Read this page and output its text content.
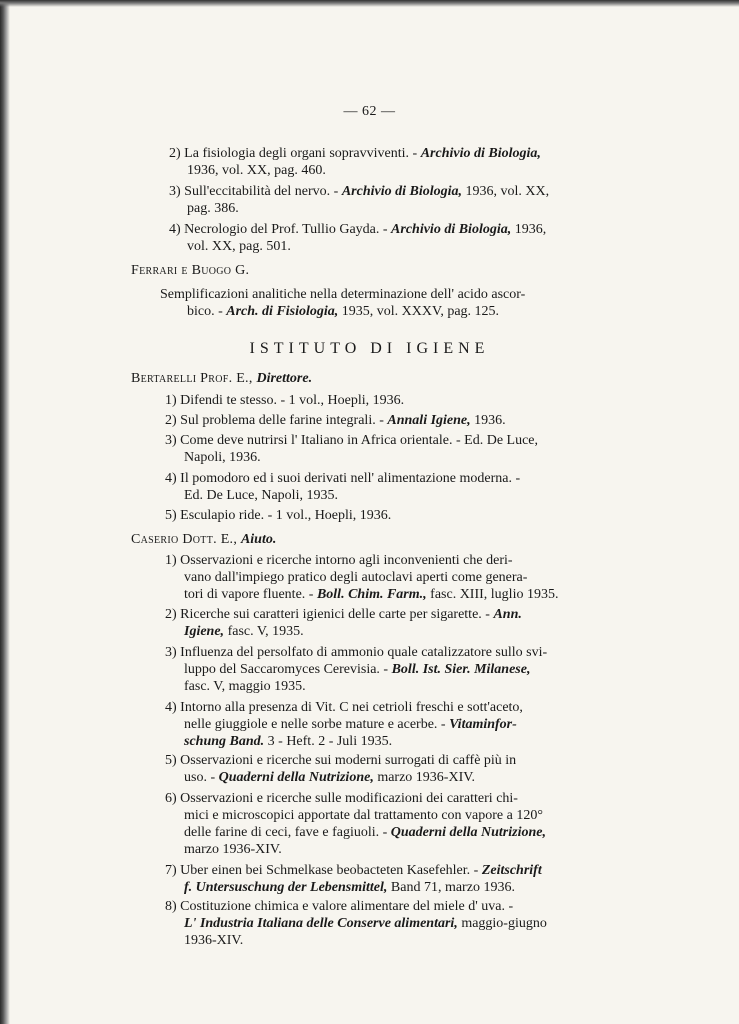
— 62 —
2) La fisiologia degli organi sopravviventi. - Archivio di Biologia,
1936, vol. XX, pag. 460.
3) Sull'eccitabilità del nervo. - Archivio di Biologia, 1936, vol. XX,
pag. 386.
4) Necrologio del Prof. Tullio Gayda. - Archivio di Biologia, 1936,
vol. XX, pag. 501.
Ferrari e Buogo G.
Semplificazioni analitiche nella determinazione dell' acido ascor-
bico. - Arch. di Fisiologia, 1935, vol. XXXV, pag. 125.
ISTITUTO DI IGIENE
Bertarelli Prof. E., Direttore.
1) Difendi te stesso. - 1 vol., Hoepli, 1936.
2) Sul problema delle farine integrali. - Annali Igiene, 1936.
3) Come deve nutrirsi l' Italiano in Africa orientale. - Ed. De Luce,
Napoli, 1936.
4) Il pomodoro ed i suoi derivati nell' alimentazione moderna. -
Ed. De Luce, Napoli, 1935.
5) Esculapio ride. - 1 vol., Hoepli, 1936.
Caserio Dott. E., Aiuto.
1) Osservazioni e ricerche intorno agli inconvenienti che deri-
vano dall'impiego pratico degli autoclavi aperti come genera-
tori di vapore fluente. - Boll. Chim. Farm., fasc. XIII, luglio 1935.
2) Ricerche sui caratteri igienici delle carte per sigarette. - Ann.
Igiene, fasc. V, 1935.
3) Influenza del persolfato di ammonio quale catalizzatore sullo svi-
luppo del Saccaromyces Cerevisia. - Boll. Ist. Sier. Milanese,
fasc. V, maggio 1935.
4) Intorno alla presenza di Vit. C nei cetrioli freschi e sott'aceto,
nelle giuggiole e nelle sorbe mature e acerbe. - Vitaminfor-
schung Band. 3 - Heft. 2 - Juli 1935.
5) Osservazioni e ricerche sui moderni surrogati di caffè più in
uso. - Quaderni della Nutrizione, marzo 1936-XIV.
6) Osservazioni e ricerche sulle modificazioni dei caratteri chi-
mici e microscopici apportate dal trattamento con vapore a 120°
delle farine di ceci, fave e fagiuoli. - Quaderni della Nutrizione,
marzo 1936-XIV.
7) Uber einen bei Schmelkase beobacteten Kasefehler. - Zeitschrift
f. Untersuschung der Lebensmittel, Band 71, marzo 1936.
8) Costituzione chimica e valore alimentare del miele d' uva. -
L' Industria Italiana delle Conserve alimentari, maggio-giugno
1936-XIV.
